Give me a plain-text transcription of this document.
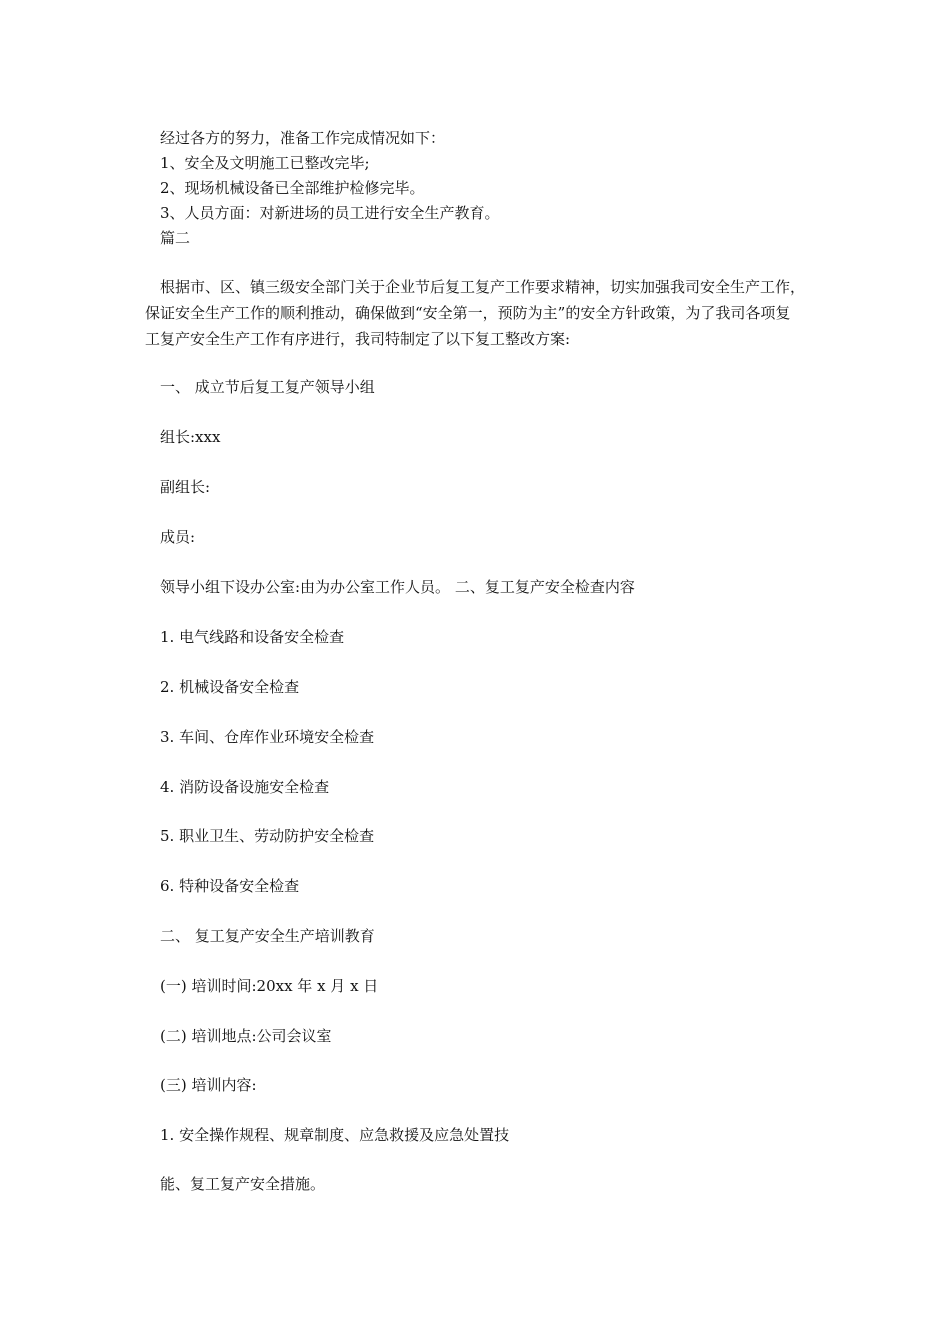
经过各方的努力，准备工作完成情况如下：
1、安全及文明施工已整改完毕;
2、现场机械设备已全部维护检修完毕。
3、人员方面：对新进场的员工进行安全生产教育。
篇二
根据市、区、镇三级安全部门关于企业节后复工复产工作要求精神，切实加强我司安全生产工作，保证安全生产工作的顺利推动，确保做到“安全第一，预防为主”的安全方针政策，为了我司各项复工复产安全生产工作有序进行，我司特制定了以下复工整改方案:
一、 成立节后复工复产领导小组
组长:xxx
副组长:
成员:
领导小组下设办公室:由为办公室工作人员。 二、复工复产安全检查内容
1. 电气线路和设备安全检查
2. 机械设备安全检查
3. 车间、仓库作业环境安全检查
4. 消防设备设施安全检查
5. 职业卫生、劳动防护安全检查
6. 特种设备安全检查
二、 复工复产安全生产培训教育
(一) 培训时间:20xx 年 x 月 x 日
(二) 培训地点:公司会议室
(三) 培训内容:
1. 安全操作规程、规章制度、应急救援及应急处置技
能、复工复产安全措施。
